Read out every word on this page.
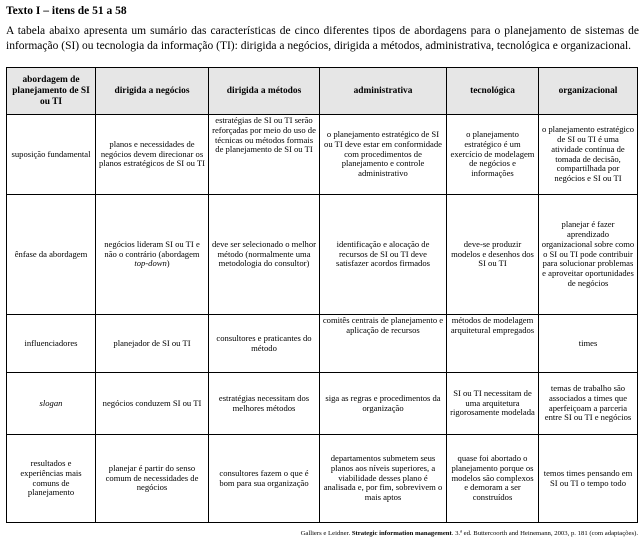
Texto I – itens de 51 a 58
A tabela abaixo apresenta um sumário das características de cinco diferentes tipos de abordagens para o planejamento de sistemas de informação (SI) ou tecnologia da informação (TI): dirigida a negócios, dirigida a métodos, administrativa, tecnológica e organizacional.
abordagem de planejamento de SI ou TI	dirigida a negócios	dirigida a métodos	administrativa	tecnológica	organizacional
suposição fundamental	planos e necessidades de negócios devem direcionar os planos estratégicos de SI ou TI	estratégias de SI ou TI serão reforçadas por meio do uso de técnicas ou métodos formais de planejamento de SI ou TI	o planejamento estratégico de SI ou TI deve estar em conformidade com procedimentos de planejamento e controle administrativo	o planejamento estratégico é um exercício de modelagem de negócios e informações	o planejamento estratégico de SI ou TI é uma atividade contínua de tomada de decisão, compartilhada por negócios e SI ou TI
ênfase da abordagem	negócios lideram SI ou TI e não o contrário (abordagem top-down)	deve ser selecionado o melhor método (normalmente uma metodologia do consultor)	identificação e alocação de recursos de SI ou TI deve satisfazer acordos firmados	deve-se produzir modelos e desenhos dos SI ou TI	planejar é fazer aprendizado organizacional sobre como o SI ou TI pode contribuir para solucionar problemas e aproveitar oportunidades de negócios
influenciadores	planejador de SI ou TI	consultores e praticantes do método	comitês centrais de planejamento e aplicação de recursos	métodos de modelagem arquitetural empregados	times
slogan	negócios conduzem SI ou TI	estratégias necessitam dos melhores métodos	siga as regras e procedimentos da organização	SI ou TI necessitam de uma arquitetura rigorosamente modelada	temas de trabalho são associados a times que aperfeiçoam a parceria entre SI ou TI e negócios
resultados e experiências mais comuns de planejamento	planejar é partir do senso comum de necessidades de negócios	consultores fazem o que é bom para sua organização	departamentos submetem seus planos aos níveis superiores, a viabilidade desses plano é analisada e, por fim, sobrevivem o mais aptos	quase foi abortado o planejamento porque os modelos são complexos e demoram a ser construídos	temos times pensando em SI ou TI o tempo todo
Galliers e Leidner. Strategic information management. 3.ª ed. Buttercoorth and Heinemann, 2003, p. 181 (com adaptações).
